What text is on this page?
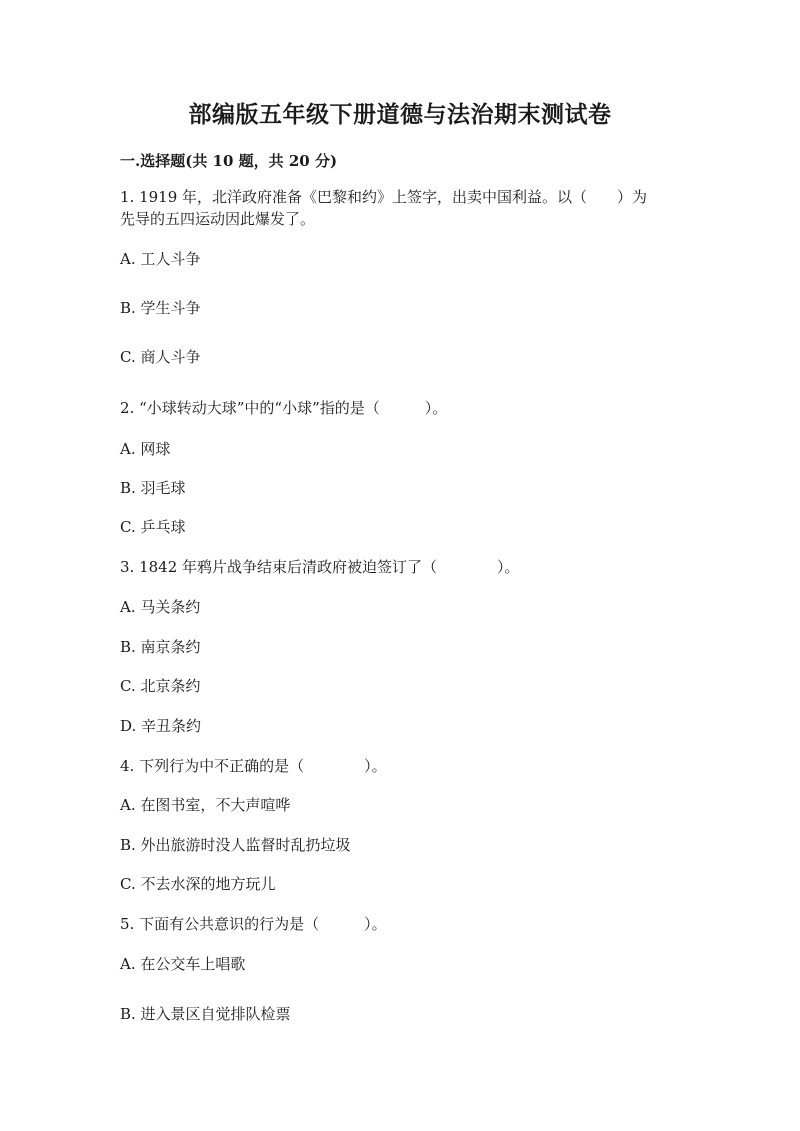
部编版五年级下册道德与法治期末测试卷
一.选择题(共 10 题，共 20 分)
1. 1919 年，北洋政府准备《巴黎和约》上签字，出卖中国利益。以（　　）为
先导的五四运动因此爆发了。
A. 工人斗争
B. 学生斗争
C. 商人斗争
2. “小球转动大球”中的“小球”指的是（　　　）。
A. 网球
B. 羽毛球
C. 乒乓球
3. 1842 年鸦片战争结束后清政府被迫签订了（　　　　）。
A. 马关条约
B. 南京条约
C. 北京条约
D. 辛丑条约
4. 下列行为中不正确的是（　　　　）。
A. 在图书室，不大声喧哗
B. 外出旅游时没人监督时乱扔垃圾
C. 不去水深的地方玩儿
5. 下面有公共意识的行为是（　　　）。
A. 在公交车上唱歌
B. 进入景区自觉排队检票
